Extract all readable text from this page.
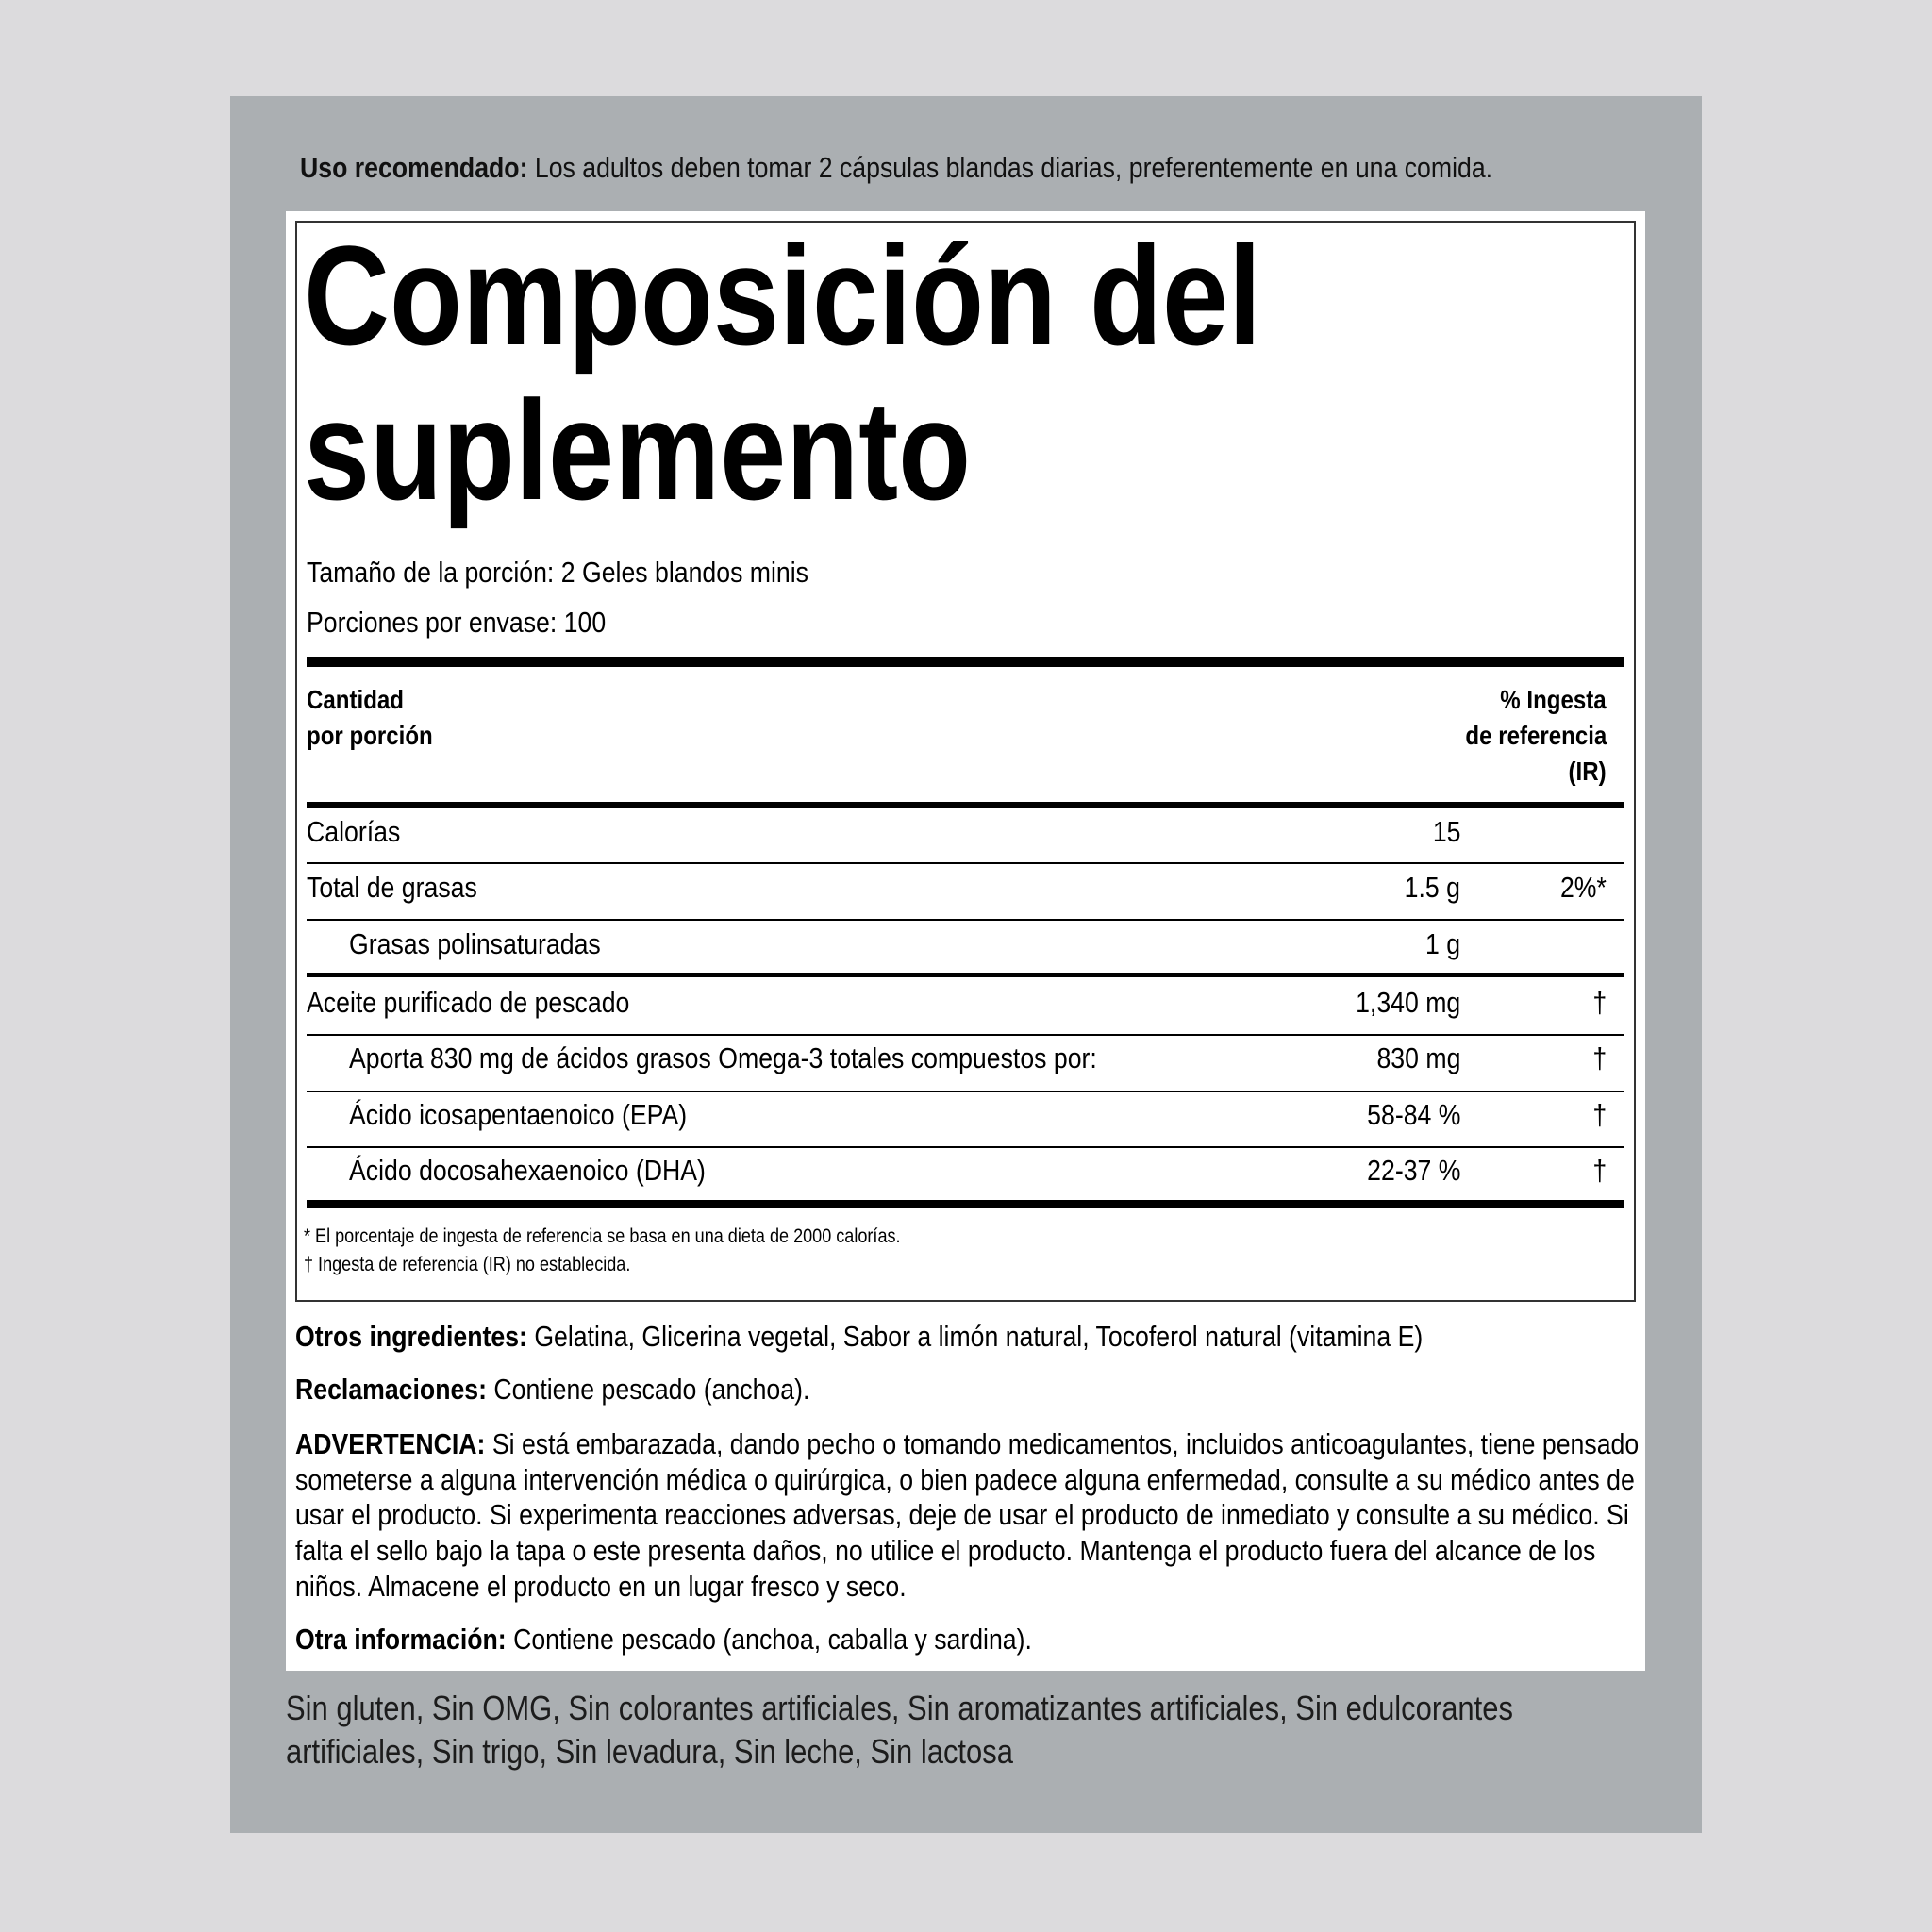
Uso recomendado: Los adultos deben tomar 2 cápsulas blandas diarias, preferentemente en una comida.
Composición del
suplemento
Tamaño de la porción: 2 Geles blandos minis
Porciones por envase: 100
Cantidad
por porción
% Ingesta
de referencia
(IR)
Calorías	15
Total de grasas	1.5 g	2%*
Grasas polinsaturadas	1 g
Aceite purificado de pescado	1,340 mg	†
Aporta 830 mg de ácidos grasos Omega-3 totales compuestos por:	830 mg	†
Ácido icosapentaenoico (EPA)	58-84 %	†
Ácido docosahexaenoico (DHA)	22-37 %	†
* El porcentaje de ingesta de referencia se basa en una dieta de 2000 calorías.
† Ingesta de referencia (IR) no establecida.
Otros ingredientes: Gelatina, Glicerina vegetal, Sabor a limón natural, Tocoferol natural (vitamina E)
Reclamaciones: Contiene pescado (anchoa).
ADVERTENCIA: Si está embarazada, dando pecho o tomando medicamentos, incluidos anticoagulantes, tiene pensado someterse a alguna intervención médica o quirúrgica, o bien padece alguna enfermedad, consulte a su médico antes de usar el producto. Si experimenta reacciones adversas, deje de usar el producto de inmediato y consulte a su médico. Si falta el sello bajo la tapa o este presenta daños, no utilice el producto. Mantenga el producto fuera del alcance de los niños. Almacene el producto en un lugar fresco y seco.
Otra información: Contiene pescado (anchoa, caballa y sardina).
Sin gluten, Sin OMG, Sin colorantes artificiales, Sin aromatizantes artificiales, Sin edulcorantes artificiales, Sin trigo, Sin levadura, Sin leche, Sin lactosa
